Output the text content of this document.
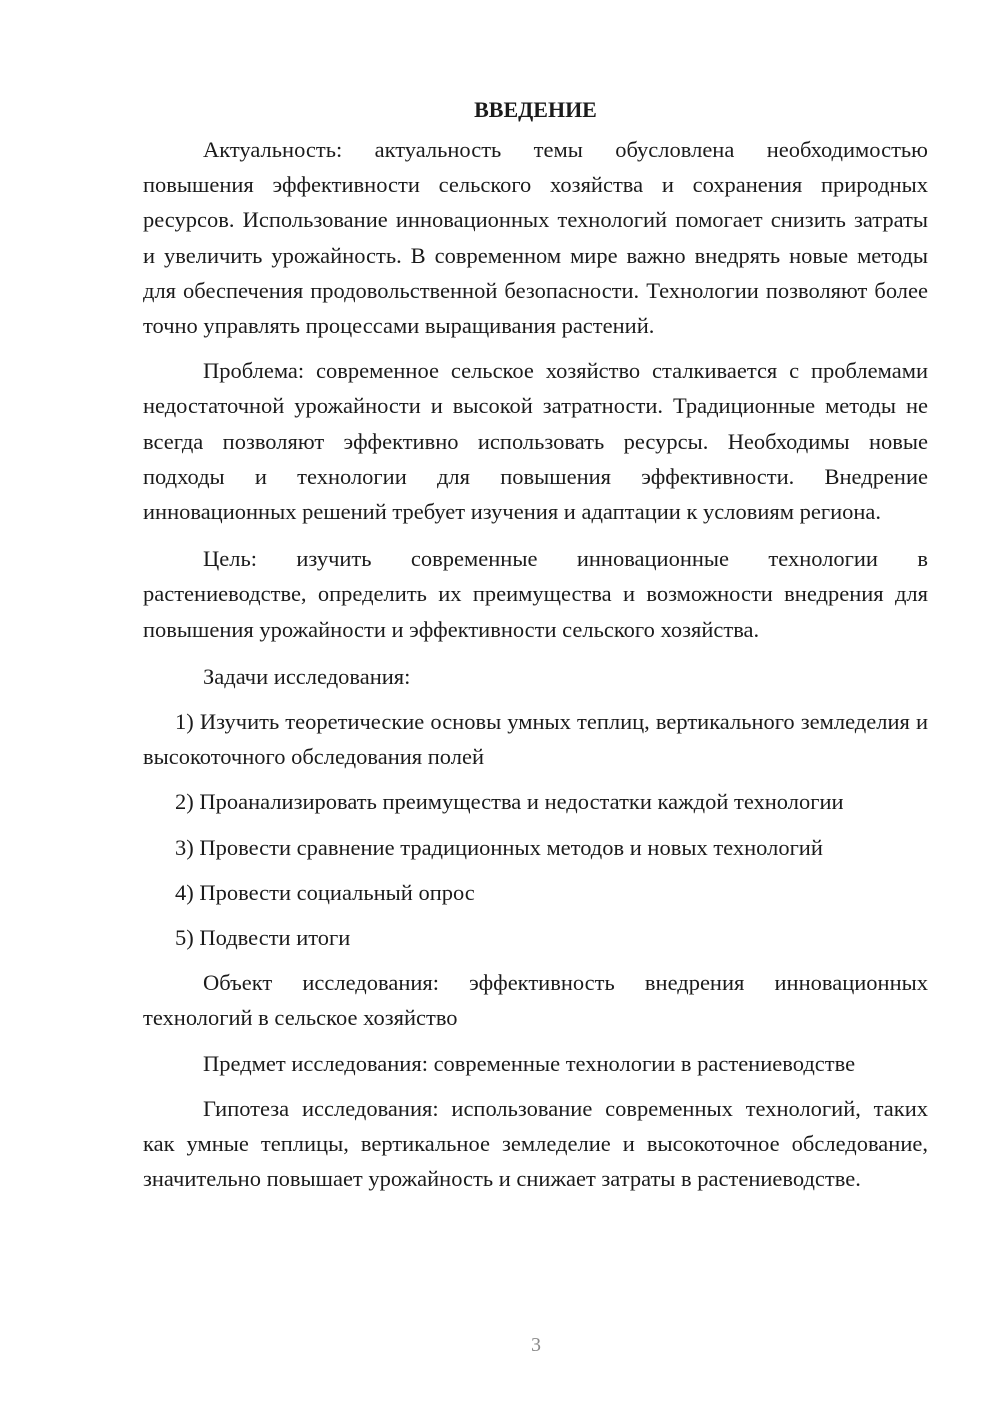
ВВЕДЕНИЕ
Актуальность: актуальность темы обусловлена необходимостью повышения эффективности сельского хозяйства и сохранения природных ресурсов. Использование инновационных технологий помогает снизить затраты и увеличить урожайность. В современном мире важно внедрять новые методы для обеспечения продовольственной безопасности. Технологии позволяют более точно управлять процессами выращивания растений.
Проблема: современное сельское хозяйство сталкивается с проблемами недостаточной урожайности и высокой затратности. Традиционные методы не всегда позволяют эффективно использовать ресурсы. Необходимы новые подходы и технологии для повышения эффективности. Внедрение инновационных решений требует изучения и адаптации к условиям региона.
Цель: изучить современные инновационные технологии в растениеводстве, определить их преимущества и возможности внедрения для повышения урожайности и эффективности сельского хозяйства.
Задачи исследования:
1) Изучить теоретические основы умных теплиц, вертикального земледелия и высокоточного обследования полей
2) Проанализировать преимущества и недостатки каждой технологии
3) Провести сравнение традиционных методов и новых технологий
4) Провести социальный опрос
5) Подвести итоги
Объект исследования: эффективность внедрения инновационных технологий в сельское хозяйство
Предмет исследования: современные технологии в растениеводстве
Гипотеза исследования: использование современных технологий, таких как умные теплицы, вертикальное земледелие и высокоточное обследование, значительно повышает урожайность и снижает затраты в растениеводстве.
3
